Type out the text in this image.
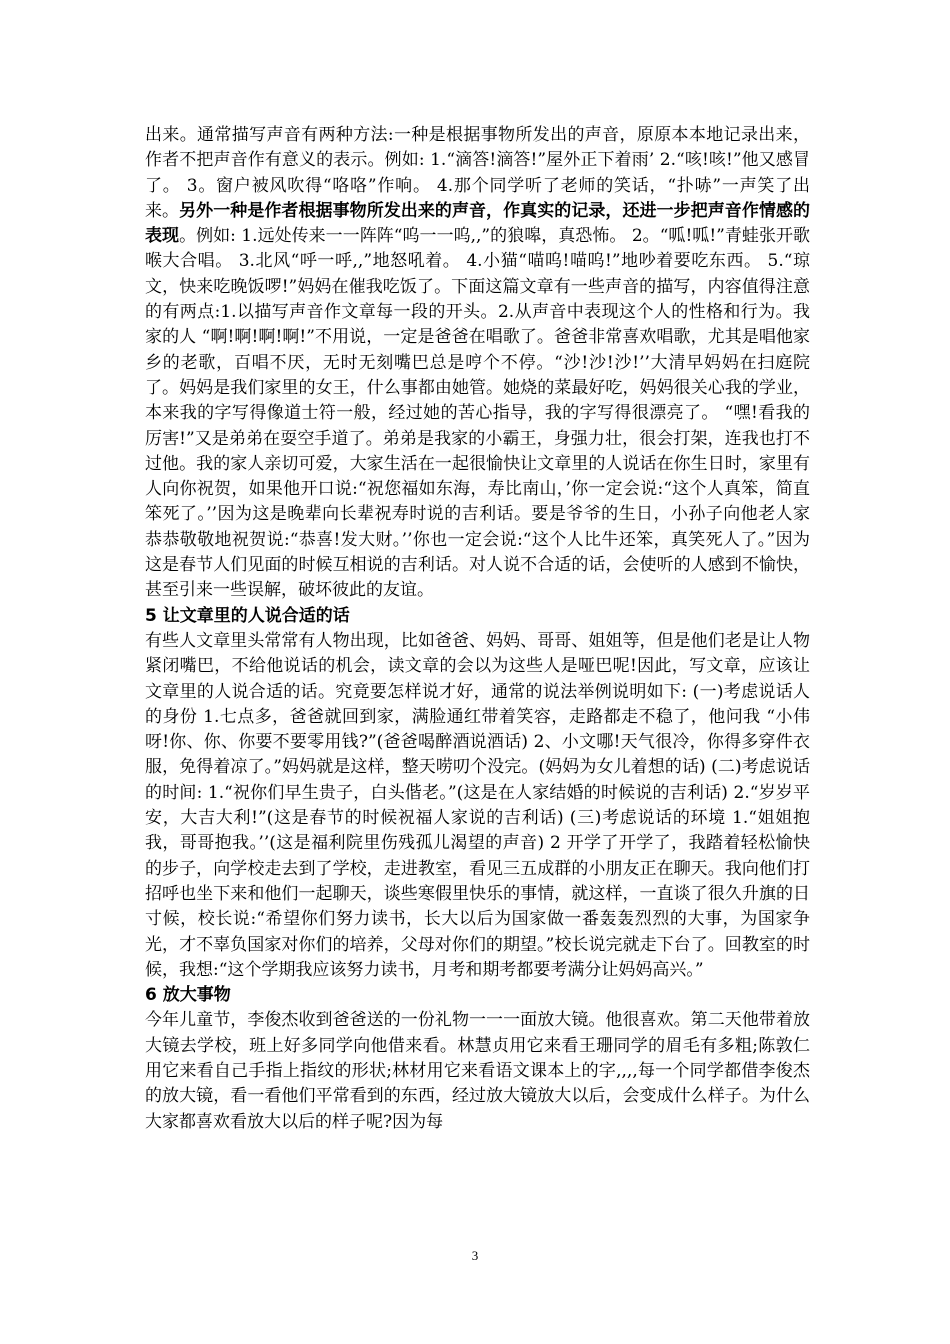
出来。通常描写声音有两种方法:一种是根据事物所发出的声音，原原本本地记录出来，作者不把声音作有意义的表示。例如: 1.“滴答!滴答!”屋外正下着雨’ 2.“咳!咳!”他又感冒了。 3。窗户被风吹得“咯咯”作响。 4.那个同学听了老师的笑话，“扑哧”一声笑了出来。另外一种是作者根据事物所发出来的声音，作真实的记录，还进一步把声音作情感的表现。例如: 1.远处传来一一阵阵“呜一一呜,,”的狼嗥，真恐怖。 2。“呱!呱!”青蛙张开歌喉大合唱。 3.北风“呼一呼,,”地怒吼着。 4.小猫“喵呜!喵呜!”地吵着要吃东西。 5.“琼文，快来吃晚饭啰!”妈妈在催我吃饭了。下面这篇文章有一些声音的描写，内容值得注意的有两点:1.以描写声音作文章每一段的开头。2.从声音中表现这个人的性格和行为。我家的人 “啊!啊!啊!啊!”不用说，一定是爸爸在唱歌了。爸爸非常喜欢唱歌，尤其是唱他家乡的老歌，百唱不厌，无时无刻嘴巴总是哼个不停。“沙!沙!沙!’’大清早妈妈在扫庭院了。妈妈是我们家里的女王，什么事都由她管。她烧的菜最好吃，妈妈很关心我的学业，本来我的字写得像道士符一般，经过她的苦心指导，我的字写得很漂亮了。 “嘿!看我的厉害!”又是弟弟在耍空手道了。弟弟是我家的小霸王，身强力壮，很会打架，连我也打不过他。我的家人亲切可爱，大家生活在一起很愉快让文章里的人说话在你生日时，家里有人向你祝贺，如果他开口说:“祝您福如东海，寿比南山，’你一定会说:“这个人真笨，简直笨死了。’’因为这是晚辈向长辈祝寿时说的吉利话。要是爷爷的生日，小孙子向他老人家恭恭敬敬地祝贺说:“恭喜!发大财。’’你也一定会说:“这个人比牛还笨，真笑死人了。”因为这是春节人们见面的时候互相说的吉利话。对人说不合适的话，会使听的人感到不愉快，甚至引来一些误解，破坏彼此的友谊。

5 让文章里的人说合适的话

有些人文章里头常常有人物出现，比如爸爸、妈妈、哥哥、姐姐等，但是他们老是让人物紧闭嘴巴，不给他说话的机会，读文章的会以为这些人是哑巴呢!因此，写文章，应该让文章里的人说合适的话。究竟要怎样说才好，通常的说法举例说明如下: (一)考虑说话人的身份 1.七点多，爸爸就回到家，满脸通红带着笑容，走路都走不稳了，他问我 “小伟呀!你、你、你要不要零用钱?”(爸爸喝醉酒说酒话) 2、小文哪!天气很冷，你得多穿件衣服，免得着凉了。”妈妈就是这样，整天唠叨个没完。(妈妈为女儿着想的话) (二)考虑说话的时间: 1.“祝你们早生贵子，白头偕老。”(这是在人家结婚的时候说的吉利话) 2.“岁岁平安，大吉大利!”(这是春节的时候祝福人家说的吉利话) (三)考虑说话的环境 1.“姐姐抱我，哥哥抱我。’’(这是福利院里伤残孤儿渴望的声音) 2 开学了开学了，我踏着轻松愉快的步子，向学校走去到了学校，走进教室，看见三五成群的小朋友正在聊天。我向他们打招呼也坐下来和他们一起聊天，谈些寒假里快乐的事情，就这样，一直谈了很久升旗的日寸候，校长说:“希望你们努力读书，长大以后为国家做一番轰轰烈烈的大事，为国家争光，才不辜负国家对你们的培养，父母对你们的期望。”校长说完就走下台了。回教室的时候，我想:“这个学期我应该努力读书，月考和期考都要考满分让妈妈高兴。”

6 放大事物

今年儿童节，李俊杰收到爸爸送的一份礼物一一一面放大镜。他很喜欢。第二天他带着放大镜去学校，班上好多同学向他借来看。林慧贞用它来看王珊同学的眉毛有多粗;陈敦仁用它来看自己手指上指纹的形状;林材用它来看语文课本上的字,,,,每一个同学都借李俊杰的放大镜，看一看他们平常看到的东西，经过放大镜放大以后，会变成什么样子。为什么大家都喜欢看放大以后的样子呢?因为每

3
